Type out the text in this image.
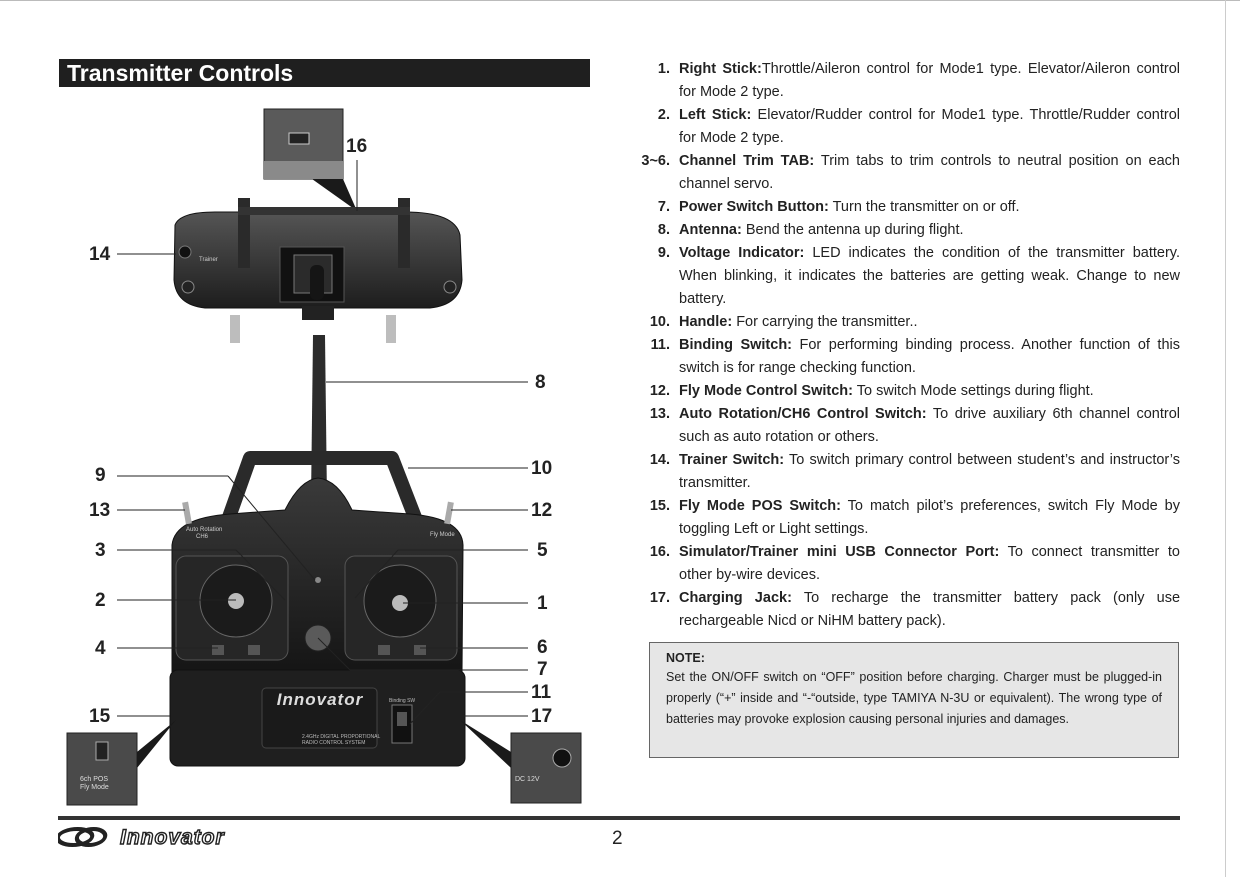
Transmitter Controls
Trainer
Auto Rotation
CH6	Fly Mode
Innovator
2.4GHz DIGITAL PROPORTIONAL
RADIO CONTROL SYSTEM
Binding SW
6ch POS
Fly Mode
DC 12V
16
14
8
9	10
13	12
3	5
2	1
4	6
7
11
15	17
1. Right Stick:Throttle/Aileron control for Mode1 type. Elevator/Aileron control for Mode 2 type.
2. Left Stick: Elevator/Rudder control for Mode1 type. Throttle/Rudder control for Mode 2 type.
3~6. Channel Trim TAB: Trim tabs to trim controls to neutral position on each channel servo.
7. Power Switch Button: Turn the transmitter on or off.
8. Antenna: Bend the antenna up during flight.
9. Voltage Indicator: LED indicates the condition of the transmitter battery. When blinking, it indicates the batteries are getting weak. Change to new battery.
10. Handle: For carrying the transmitter..
11. Binding Switch: For performing binding process. Another function of this switch is for range checking function.
12. Fly Mode Control Switch: To switch Mode settings during flight.
13. Auto Rotation/CH6 Control Switch: To drive auxiliary 6th channel control such as auto rotation or others.
14. Trainer Switch: To switch primary control between student’s and instructor’s transmitter.
15. Fly Mode POS Switch: To match pilot’s preferences, switch Fly Mode by toggling Left or Light settings.
16. Simulator/Trainer mini USB Connector Port: To connect transmitter to other by-wire devices.
17. Charging Jack: To recharge the transmitter battery pack (only use rechargeable Nicd or NiHM battery pack).
NOTE:
Set the ON/OFF switch on “OFF” position before charging. Charger must be plugged-in properly (“+” inside and “-“outside, type TAMIYA N-3U or equivalent). The wrong type of batteries may provoke explosion causing personal injuries and damages.
Innovator	2
